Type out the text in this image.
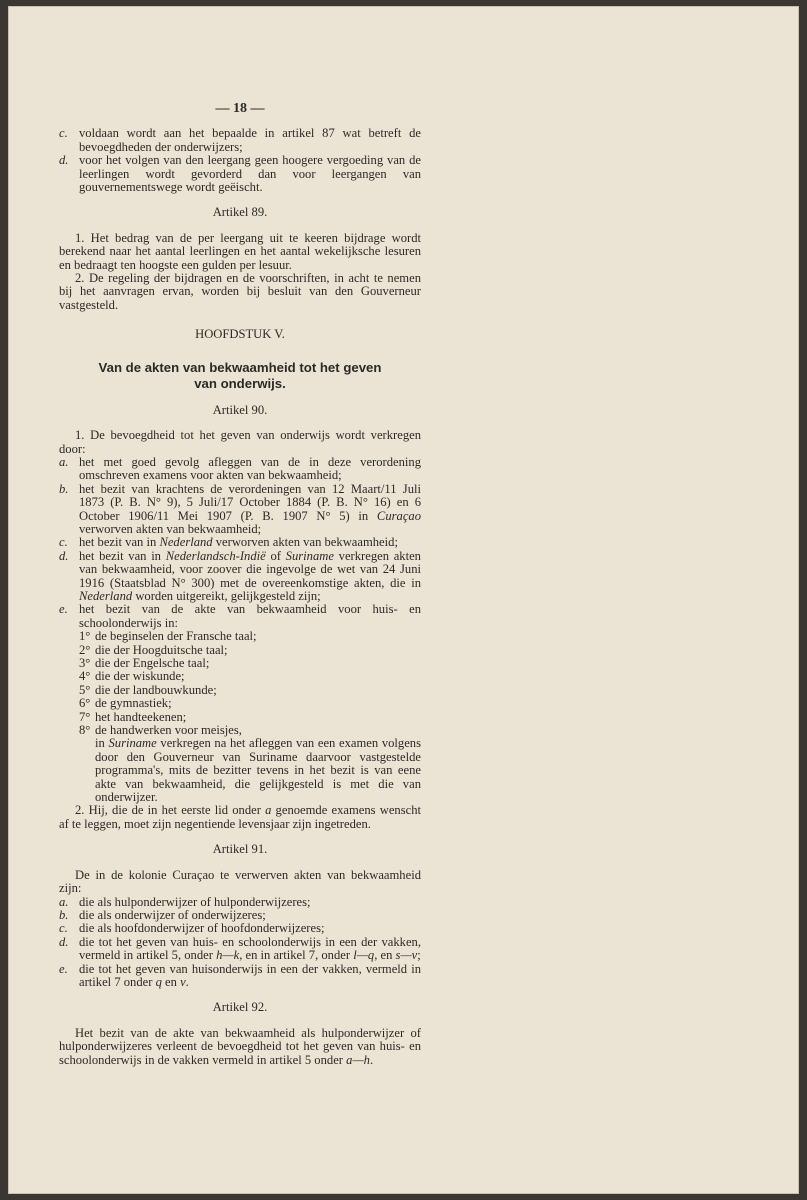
— 18 —
c. voldaan wordt aan het bepaalde in artikel 87 wat betreft de bevoegdheden der onderwijzers;
d. voor het volgen van den leergang geen hoogere vergoeding van de leerlingen wordt gevorderd dan voor leergangen van gouvernementswege wordt geëischt.
Artikel 89.
1. Het bedrag van de per leergang uit te keeren bijdrage wordt berekend naar het aantal leerlingen en het aantal wekelijksche lesuren en bedraagt ten hoogste een gulden per lesuur.
2. De regeling der bijdragen en de voorschriften, in acht te nemen bij het aanvragen ervan, worden bij besluit van den Gouverneur vastgesteld.
HOOFDSTUK V.
Van de akten van bekwaamheid tot het geven
van onderwijs.
Artikel 90.
1. De bevoegdheid tot het geven van onderwijs wordt verkregen door:
a. het met goed gevolg afleggen van de in deze verordening omschreven examens voor akten van bekwaamheid;
b. het bezit van krachtens de verordeningen van 12 Maart/11 Juli 1873 (P. B. N° 9), 5 Juli/17 October 1884 (P. B. N° 16) en 6 October 1906/11 Mei 1907 (P. B. 1907 N° 5) in Curaçao verworven akten van bekwaamheid;
c. het bezit van in Nederland verworven akten van bekwaamheid;
d. het bezit van in Nederlandsch-Indië of Suriname verkregen akten van bekwaamheid, voor zoover die ingevolge de wet van 24 Juni 1916 (Staatsblad N° 300) met de overeenkomstige akten, die in Nederland worden uitgereikt, gelijkgesteld zijn;
e. het bezit van de akte van bekwaamheid voor huis- en schoolonderwijs in:
1° de beginselen der Fransche taal;
2° die der Hoogduitsche taal;
3° die der Engelsche taal;
4° die der wiskunde;
5° die der landbouwkunde;
6° de gymnastiek;
7° het handteekenen;
8° de handwerken voor meisjes,
in Suriname verkregen na het afleggen van een examen volgens door den Gouverneur van Suriname daarvoor vastgestelde programma's, mits de bezitter tevens in het bezit is van eene akte van bekwaamheid, die gelijkgesteld is met die van onderwijzer.
2. Hij, die de in het eerste lid onder a genoemde examens wenscht af te leggen, moet zijn negentiende levensjaar zijn ingetreden.
Artikel 91.
De in de kolonie Curaçao te verwerven akten van bekwaamheid zijn:
a. die als hulponderwijzer of hulponderwijzeres;
b. die als onderwijzer of onderwijzeres;
c. die als hoofdonderwijzer of hoofdonderwijzeres;
d. die tot het geven van huis- en schoolonderwijs in een der vakken, vermeld in artikel 5, onder h—k, en in artikel 7, onder l—q, en s—v;
e. die tot het geven van huisonderwijs in een der vakken, vermeld in artikel 7 onder q en v.
Artikel 92.
Het bezit van de akte van bekwaamheid als hulponderwijzer of hulponderwijzeres verleent de bevoegdheid tot het geven van huis- en schoolonderwijs in de vakken vermeld in artikel 5 onder a—h.
